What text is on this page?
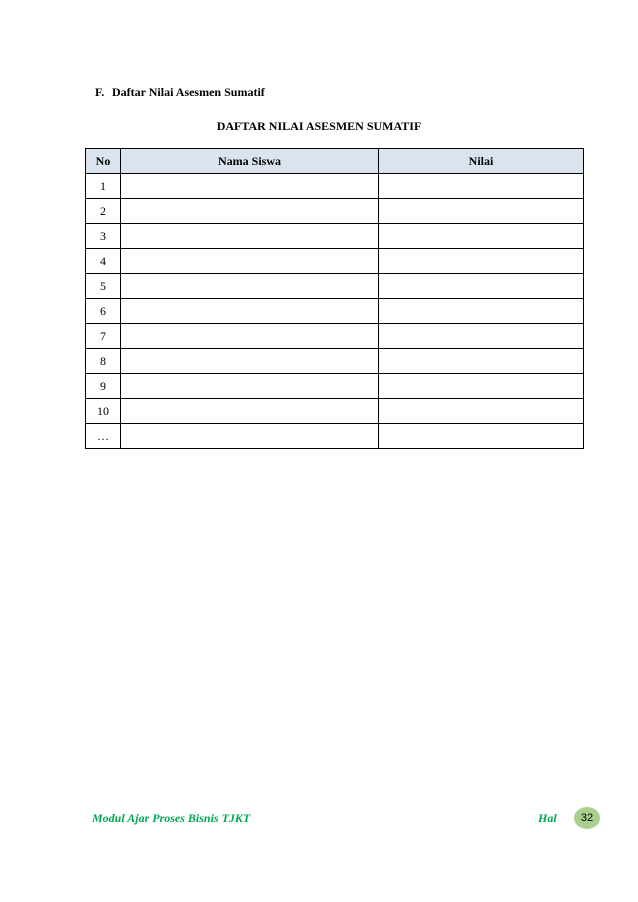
F. Daftar Nilai Asesmen Sumatif
DAFTAR NILAI ASESMEN SUMATIF
No	Nama Siswa	Nilai
1		
2		
3		
4		
5		
6		
7		
8		
9		
10		
…		
Modul Ajar Proses Bisnis TJKT	Hal	32
